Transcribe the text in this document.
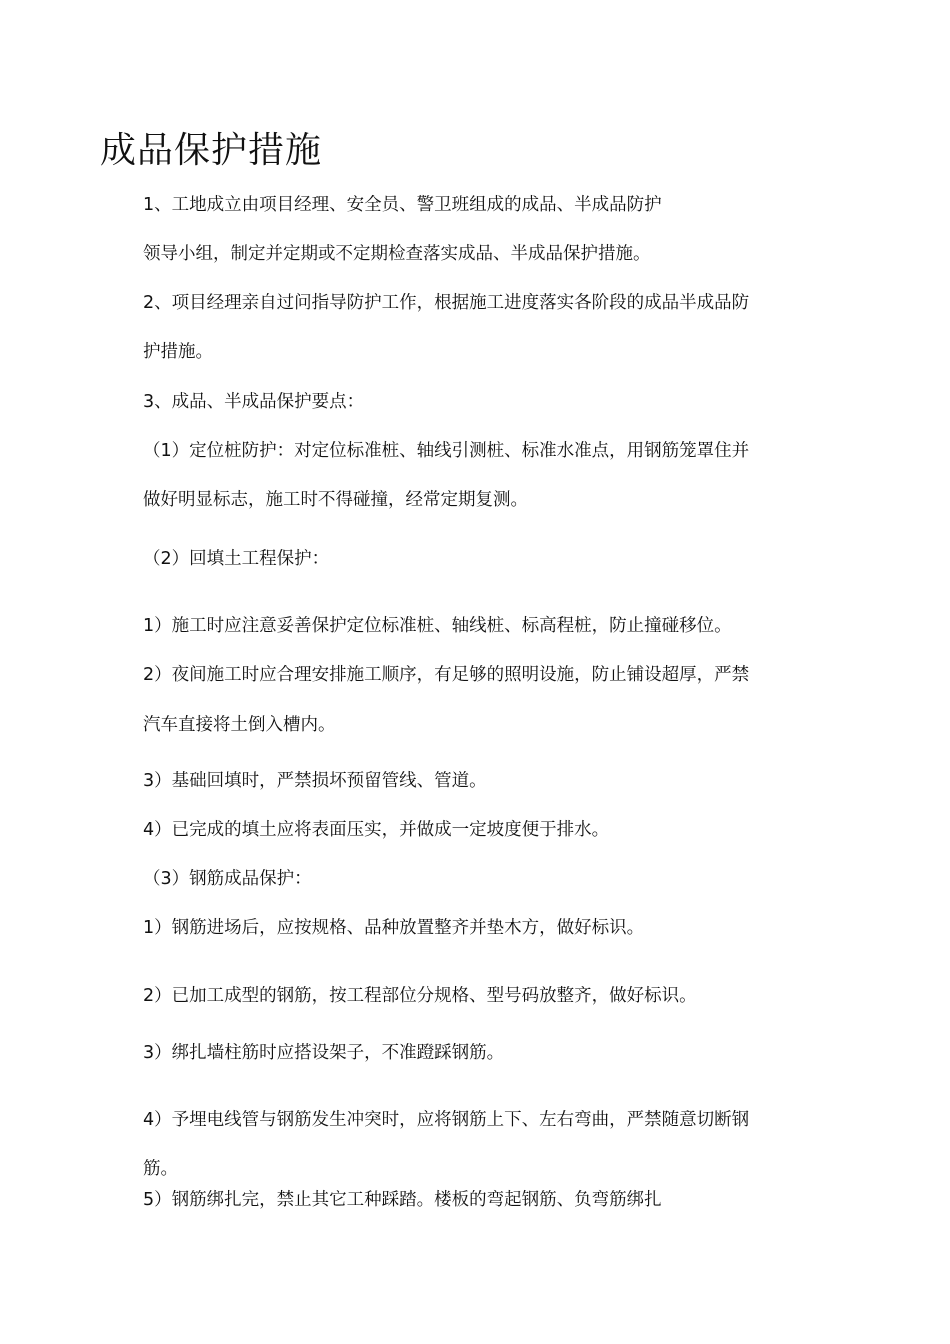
成品保护措施
1、工地成立由项目经理、安全员、警卫班组成的成品、半成品防护
领导小组，制定并定期或不定期检查落实成品、半成品保护措施。
2、项目经理亲自过问指导防护工作，根据施工进度落实各阶段的成品半成品防
护措施。
3、成品、半成品保护要点：
（1）定位桩防护：对定位标准桩、轴线引测桩、标准水准点，用钢筋笼罩住并
做好明显标志，施工时不得碰撞，经常定期复测。
（2）回填土工程保护：
1）施工时应注意妥善保护定位标准桩、轴线桩、标高程桩，防止撞碰移位。
2）夜间施工时应合理安排施工顺序，有足够的照明设施，防止铺设超厚，严禁
汽车直接将土倒入槽内。
3）基础回填时，严禁损坏预留管线、管道。
4）已完成的填土应将表面压实，并做成一定坡度便于排水。
（3）钢筋成品保护：
1）钢筋进场后，应按规格、品种放置整齐并垫木方，做好标识。
2）已加工成型的钢筋，按工程部位分规格、型号码放整齐，做好标识。
3）绑扎墙柱筋时应搭设架子，不准蹬踩钢筋。
4）予埋电线管与钢筋发生冲突时，应将钢筋上下、左右弯曲，严禁随意切断钢
筋。
5）钢筋绑扎完，禁止其它工种踩踏。楼板的弯起钢筋、负弯筋绑扎
